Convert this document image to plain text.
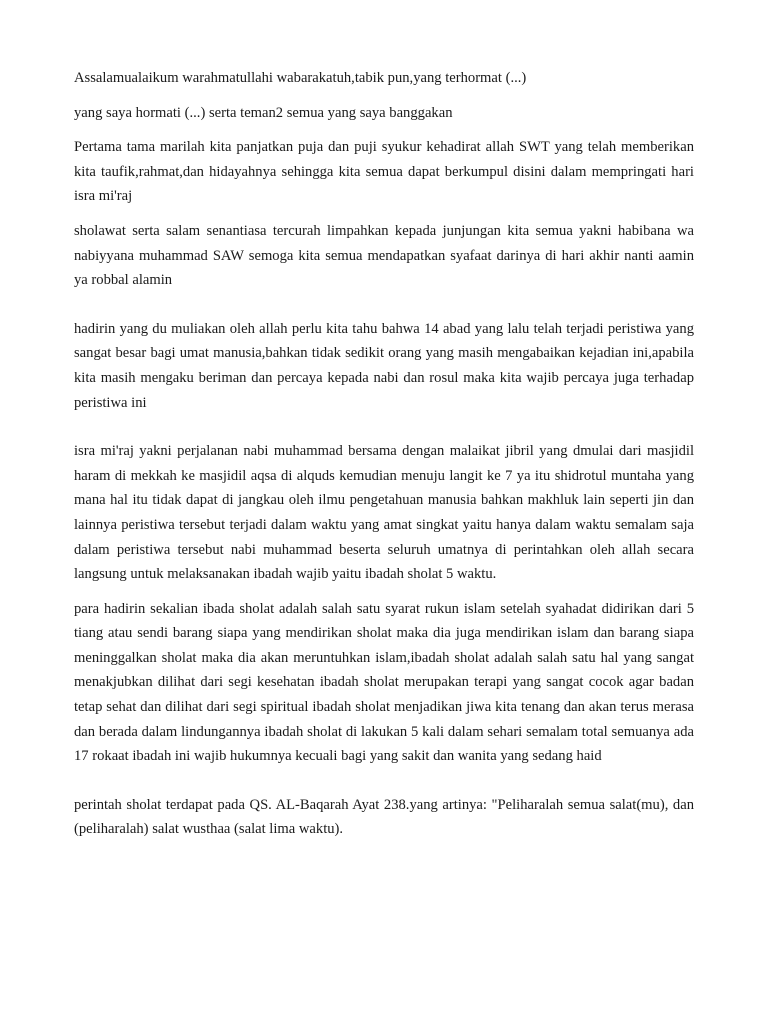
Assalamualaikum warahmatullahi wabarakatuh,tabik pun,yang terhormat (...)

yang saya hormati (...) serta teman2 semua yang saya banggakan

Pertama tama marilah kita panjatkan puja dan puji syukur kehadirat allah SWT yang telah memberikan kita taufik,rahmat,dan hidayahnya sehingga kita semua dapat berkumpul disini dalam mempringati hari isra mi'raj

sholawat serta salam senantiasa tercurah limpahkan kepada junjungan kita semua yakni habibana wa nabiyyana muhammad SAW semoga kita semua mendapatkan syafaat darinya di hari akhir nanti aamin ya robbal alamin

hadirin yang du muliakan oleh allah perlu kita tahu bahwa 14 abad yang lalu telah terjadi peristiwa yang sangat besar bagi umat manusia,bahkan tidak sedikit orang yang masih mengabaikan kejadian ini,apabila kita masih mengaku beriman dan percaya kepada nabi dan rosul maka kita wajib percaya juga terhadap peristiwa ini

isra mi'raj yakni perjalanan nabi muhammad bersama dengan malaikat jibril yang dmulai dari masjidil haram di mekkah ke masjidil aqsa di alquds kemudian menuju langit ke 7 ya itu shidrotul muntaha yang mana hal itu tidak dapat di jangkau oleh ilmu pengetahuan manusia bahkan makhluk lain seperti jin dan lainnya peristiwa tersebut terjadi dalam waktu yang amat singkat yaitu hanya dalam waktu semalam saja dalam peristiwa tersebut nabi muhammad beserta seluruh umatnya di perintahkan oleh allah secara langsung untuk melaksanakan ibadah wajib yaitu ibadah sholat 5 waktu.

para hadirin sekalian ibada sholat adalah salah satu syarat rukun islam setelah syahadat didirikan dari 5 tiang atau sendi barang siapa yang mendirikan sholat maka dia juga mendirikan islam dan barang siapa meninggalkan sholat maka dia akan meruntuhkan islam,ibadah sholat adalah salah satu hal yang sangat menakjubkan dilihat dari segi kesehatan ibadah sholat merupakan terapi yang sangat cocok agar badan tetap sehat dan dilihat dari segi spiritual ibadah sholat menjadikan jiwa kita tenang dan akan terus merasa dan berada dalam lindungannya ibadah sholat di lakukan 5 kali dalam sehari semalam total semuanya ada 17 rokaat ibadah ini wajib hukumnya kecuali bagi yang sakit dan wanita yang sedang haid

perintah sholat terdapat pada QS. AL-Baqarah Ayat 238.yang artinya: "Peliharalah semua salat(mu), dan (peliharalah) salat wusthaa (salat lima waktu).
